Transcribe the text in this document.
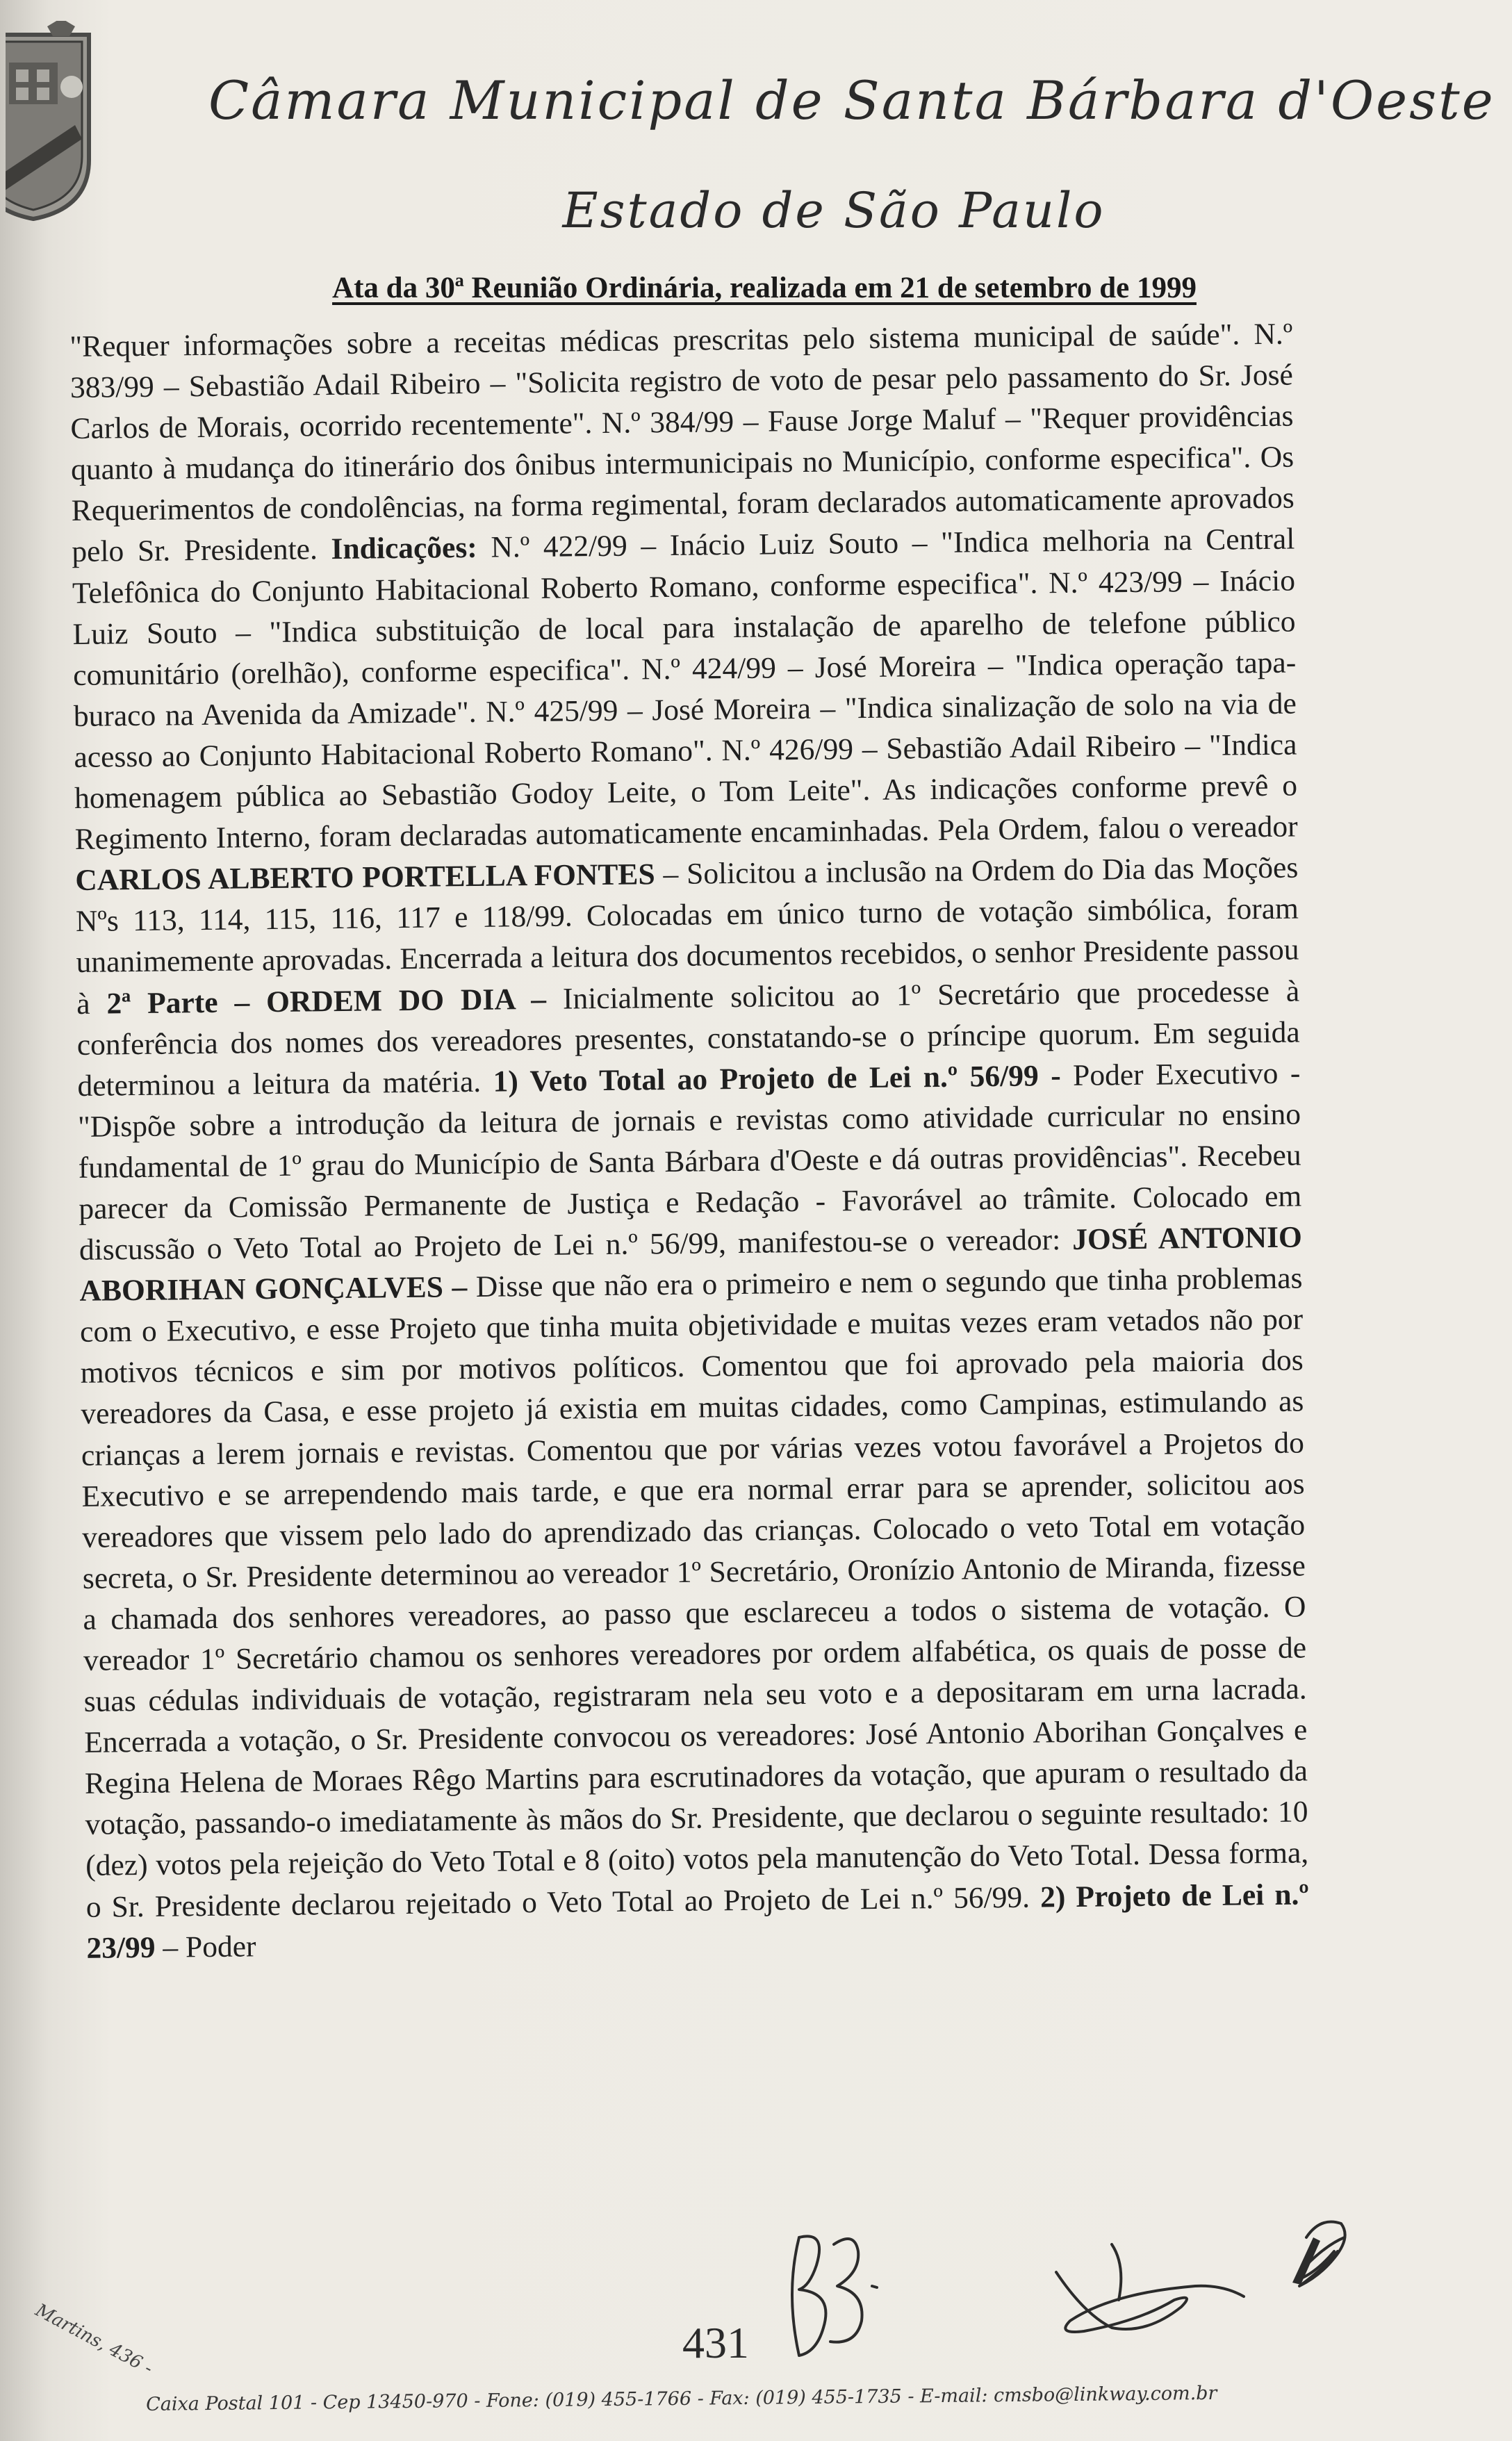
Câmara Municipal de Santa Bárbara d'Oeste
Estado de São Paulo
Ata da 30ª Reunião Ordinária, realizada em 21 de setembro de 1999
"Requer informações sobre a receitas médicas prescritas pelo sistema municipal de saúde". N.º 383/99 – Sebastião Adail Ribeiro – "Solicita registro de voto de pesar pelo passamento do Sr. José Carlos de Morais, ocorrido recentemente". N.º 384/99 – Fause Jorge Maluf – "Requer providências quanto à mudança do itinerário dos ônibus intermunicipais no Município, conforme especifica". Os Requerimentos de condolências, na forma regimental, foram declarados automaticamente aprovados pelo Sr. Presidente. Indicações: N.º 422/99 – Inácio Luiz Souto – "Indica melhoria na Central Telefônica do Conjunto Habitacional Roberto Romano, conforme especifica". N.º 423/99 – Inácio Luiz Souto – "Indica substituição de local para instalação de aparelho de telefone público comunitário (orelhão), conforme especifica". N.º 424/99 – José Moreira – "Indica operação tapa-buraco na Avenida da Amizade". N.º 425/99 – José Moreira – "Indica sinalização de solo na via de acesso ao Conjunto Habitacional Roberto Romano". N.º 426/99 – Sebastião Adail Ribeiro – "Indica homenagem pública ao Sebastião Godoy Leite, o Tom Leite". As indicações conforme prevê o Regimento Interno, foram declaradas automaticamente encaminhadas. Pela Ordem, falou o vereador CARLOS ALBERTO PORTELLA FONTES – Solicitou a inclusão na Ordem do Dia das Moções Nºs 113, 114, 115, 116, 117 e 118/99. Colocadas em único turno de votação simbólica, foram unanimemente aprovadas. Encerrada a leitura dos documentos recebidos, o senhor Presidente passou à 2ª Parte – ORDEM DO DIA – Inicialmente solicitou ao 1º Secretário que procedesse à conferência dos nomes dos vereadores presentes, constatando-se o príncipe quorum. Em seguida determinou a leitura da matéria. 1) Veto Total ao Projeto de Lei n.º 56/99 - Poder Executivo - "Dispõe sobre a introdução da leitura de jornais e revistas como atividade curricular no ensino fundamental de 1º grau do Município de Santa Bárbara d'Oeste e dá outras providências". Recebeu parecer da Comissão Permanente de Justiça e Redação - Favorável ao trâmite. Colocado em discussão o Veto Total ao Projeto de Lei n.º 56/99, manifestou-se o vereador: JOSÉ ANTONIO ABORIHAN GONÇALVES – Disse que não era o primeiro e nem o segundo que tinha problemas com o Executivo, e esse Projeto que tinha muita objetividade e muitas vezes eram vetados não por motivos técnicos e sim por motivos políticos. Comentou que foi aprovado pela maioria dos vereadores da Casa, e esse projeto já existia em muitas cidades, como Campinas, estimulando as crianças a lerem jornais e revistas. Comentou que por várias vezes votou favorável a Projetos do Executivo e se arrependendo mais tarde, e que era normal errar para se aprender, solicitou aos vereadores que vissem pelo lado do aprendizado das crianças. Colocado o veto Total em votação secreta, o Sr. Presidente determinou ao vereador 1º Secretário, Oronízio Antonio de Miranda, fizesse a chamada dos senhores vereadores, ao passo que esclareceu a todos o sistema de votação. O vereador 1º Secretário chamou os senhores vereadores por ordem alfabética, os quais de posse de suas cédulas individuais de votação, registraram nela seu voto e a depositaram em urna lacrada. Encerrada a votação, o Sr. Presidente convocou os vereadores: José Antonio Aborihan Gonçalves e Regina Helena de Moraes Rêgo Martins para escrutinadores da votação, que apuram o resultado da votação, passando-o imediatamente às mãos do Sr. Presidente, que declarou o seguinte resultado: 10 (dez) votos pela rejeição do Veto Total e 8 (oito) votos pela manutenção do Veto Total. Dessa forma, o Sr. Presidente declarou rejeitado o Veto Total ao Projeto de Lei n.º 56/99. 2) Projeto de Lei n.º 23/99 – Poder
431
Martins, 436 -
Caixa Postal 101 - Cep 13450-970 - Fone: (019) 455-1766 - Fax: (019) 455-1735 - E-mail: cmsbo@linkway.com.br
